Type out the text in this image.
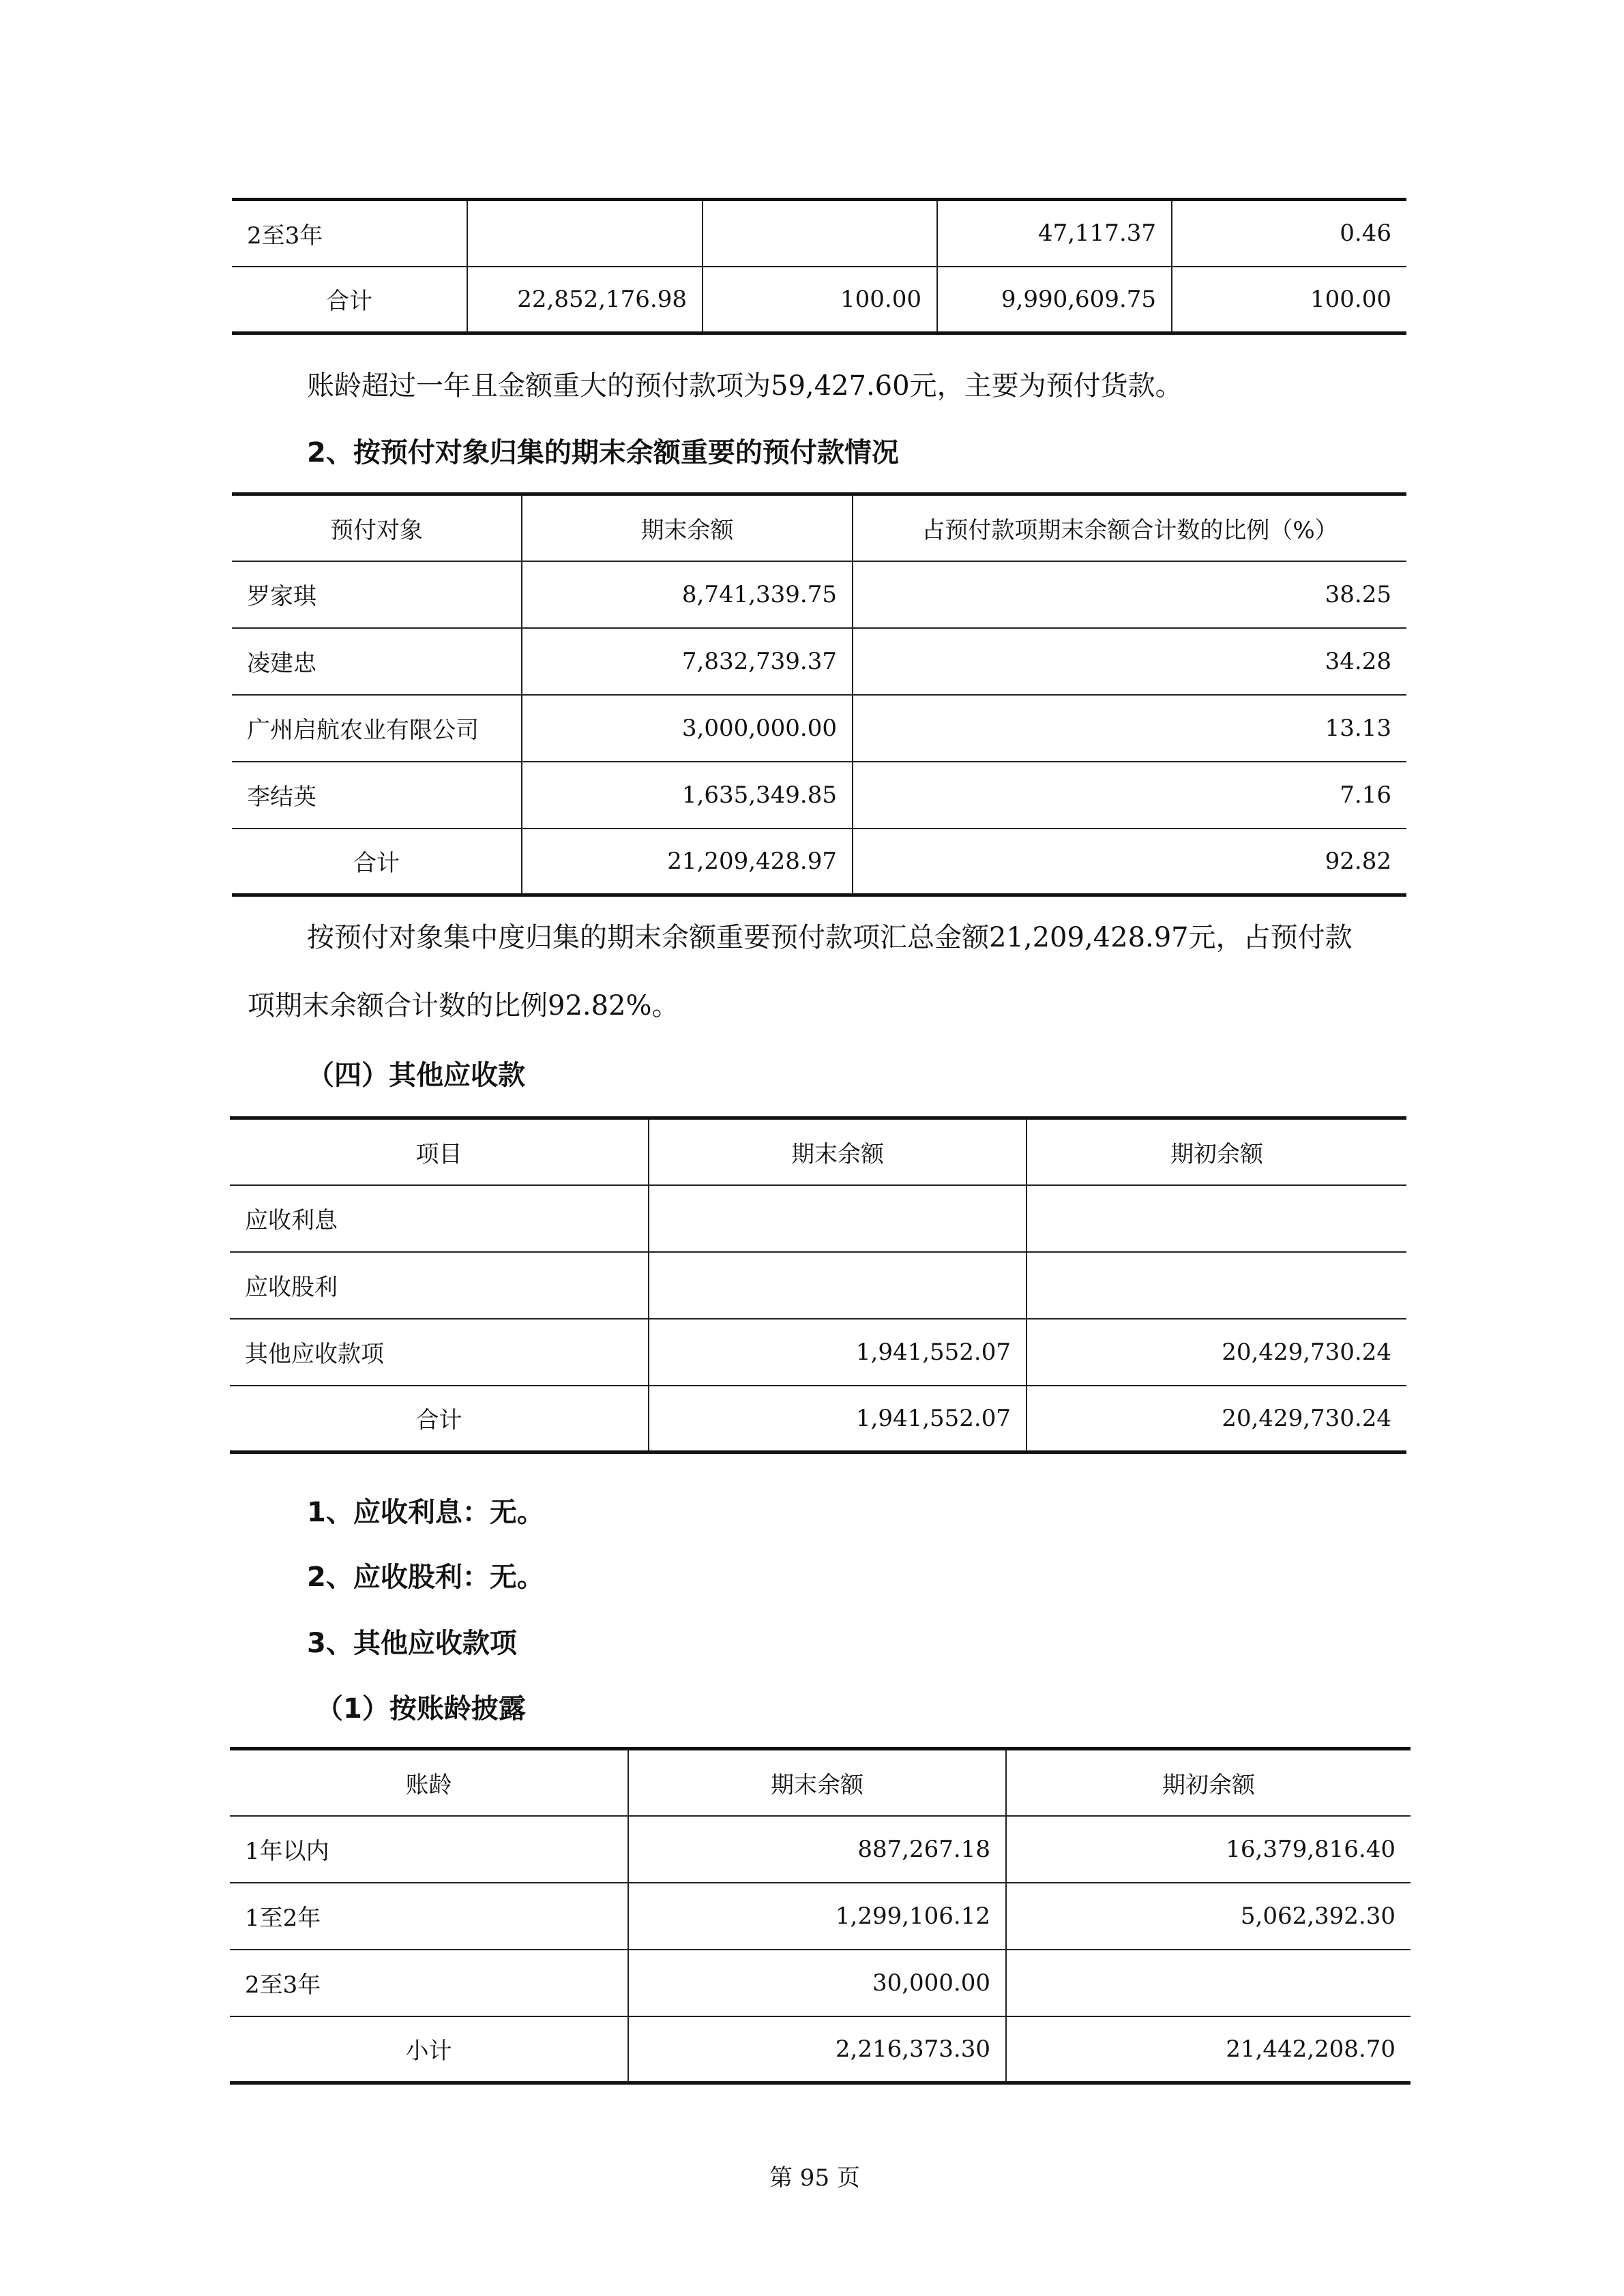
2至3年			47,117.37	0.46
合计	22,852,176.98	100.00	9,990,609.75	100.00
账龄超过一年且金额重大的预付款项为59,427.60元，主要为预付货款。
2、按预付对象归集的期末余额重要的预付款情况
预付对象	期末余额	占预付款项期末余额合计数的比例（%）
罗家琪	8,741,339.75	38.25
凌建忠	7,832,739.37	34.28
广州启航农业有限公司	3,000,000.00	13.13
李结英	1,635,349.85	7.16
合计	21,209,428.97	92.82
按预付对象集中度归集的期末余额重要预付款项汇总金额21,209,428.97元，占预付款
项期末余额合计数的比例92.82%。
（四）其他应收款
项目	期末余额	期初余额
应收利息		
应收股利		
其他应收款项	1,941,552.07	20,429,730.24
合计	1,941,552.07	20,429,730.24
1、应收利息：无。
2、应收股利：无。
3、其他应收款项
（1）按账龄披露
账龄	期末余额	期初余额
1年以内	887,267.18	16,379,816.40
1至2年	1,299,106.12	5,062,392.30
2至3年	30,000.00	
小计	2,216,373.30	21,442,208.70
第 95 页
